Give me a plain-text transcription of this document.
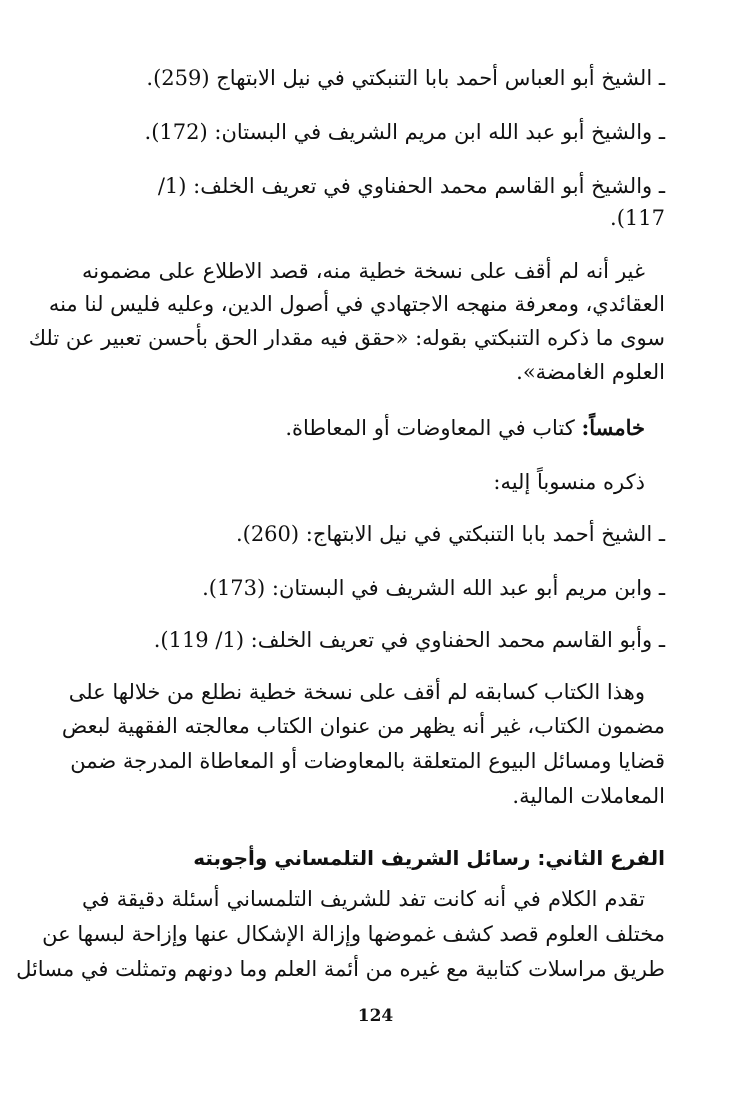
ـ الشيخ أبو العباس أحمد بابا التنبكتي في نيل الابتهاج (259).
ـ والشيخ أبو عبد الله ابن مريم الشريف في البستان: (172).
ـ والشيخ أبو القاسم محمد الحفناوي في تعريف الخلف: (1/
117).
غير أنه لم أقف على نسخة خطية منه، قصد الاطلاع على مضمونه
العقائدي، ومعرفة منهجه الاجتهادي في أصول الدين، وعليه فليس لنا منه
سوى ما ذكره التنبكتي بقوله: «حقق فيه مقدار الحق بأحسن تعبير عن تلك
العلوم الغامضة».
خامساً: كتاب في المعاوضات أو المعاطاة.
ذكره منسوباً إليه:
ـ الشيخ أحمد بابا التنبكتي في نيل الابتهاج: (260).
ـ وابن مريم أبو عبد الله الشريف في البستان: (173).
ـ وأبو القاسم محمد الحفناوي في تعريف الخلف: (1/ 119).
وهذا الكتاب كسابقه لم أقف على نسخة خطية نطلع من خلالها على
مضمون الكتاب، غير أنه يظهر من عنوان الكتاب معالجته الفقهية لبعض
قضايا ومسائل البيوع المتعلقة بالمعاوضات أو المعاطاة المدرجة ضمن
المعاملات المالية.
الفرع الثاني: رسائل الشريف التلمساني وأجوبته
تقدم الكلام في أنه كانت تفد للشريف التلمساني أسئلة دقيقة في
مختلف العلوم قصد كشف غموضها وإزالة الإشكال عنها وإزاحة لبسها عن
طريق مراسلات كتابية مع غيره من أئمة العلم وما دونهم وتمثلت في مسائل
124
